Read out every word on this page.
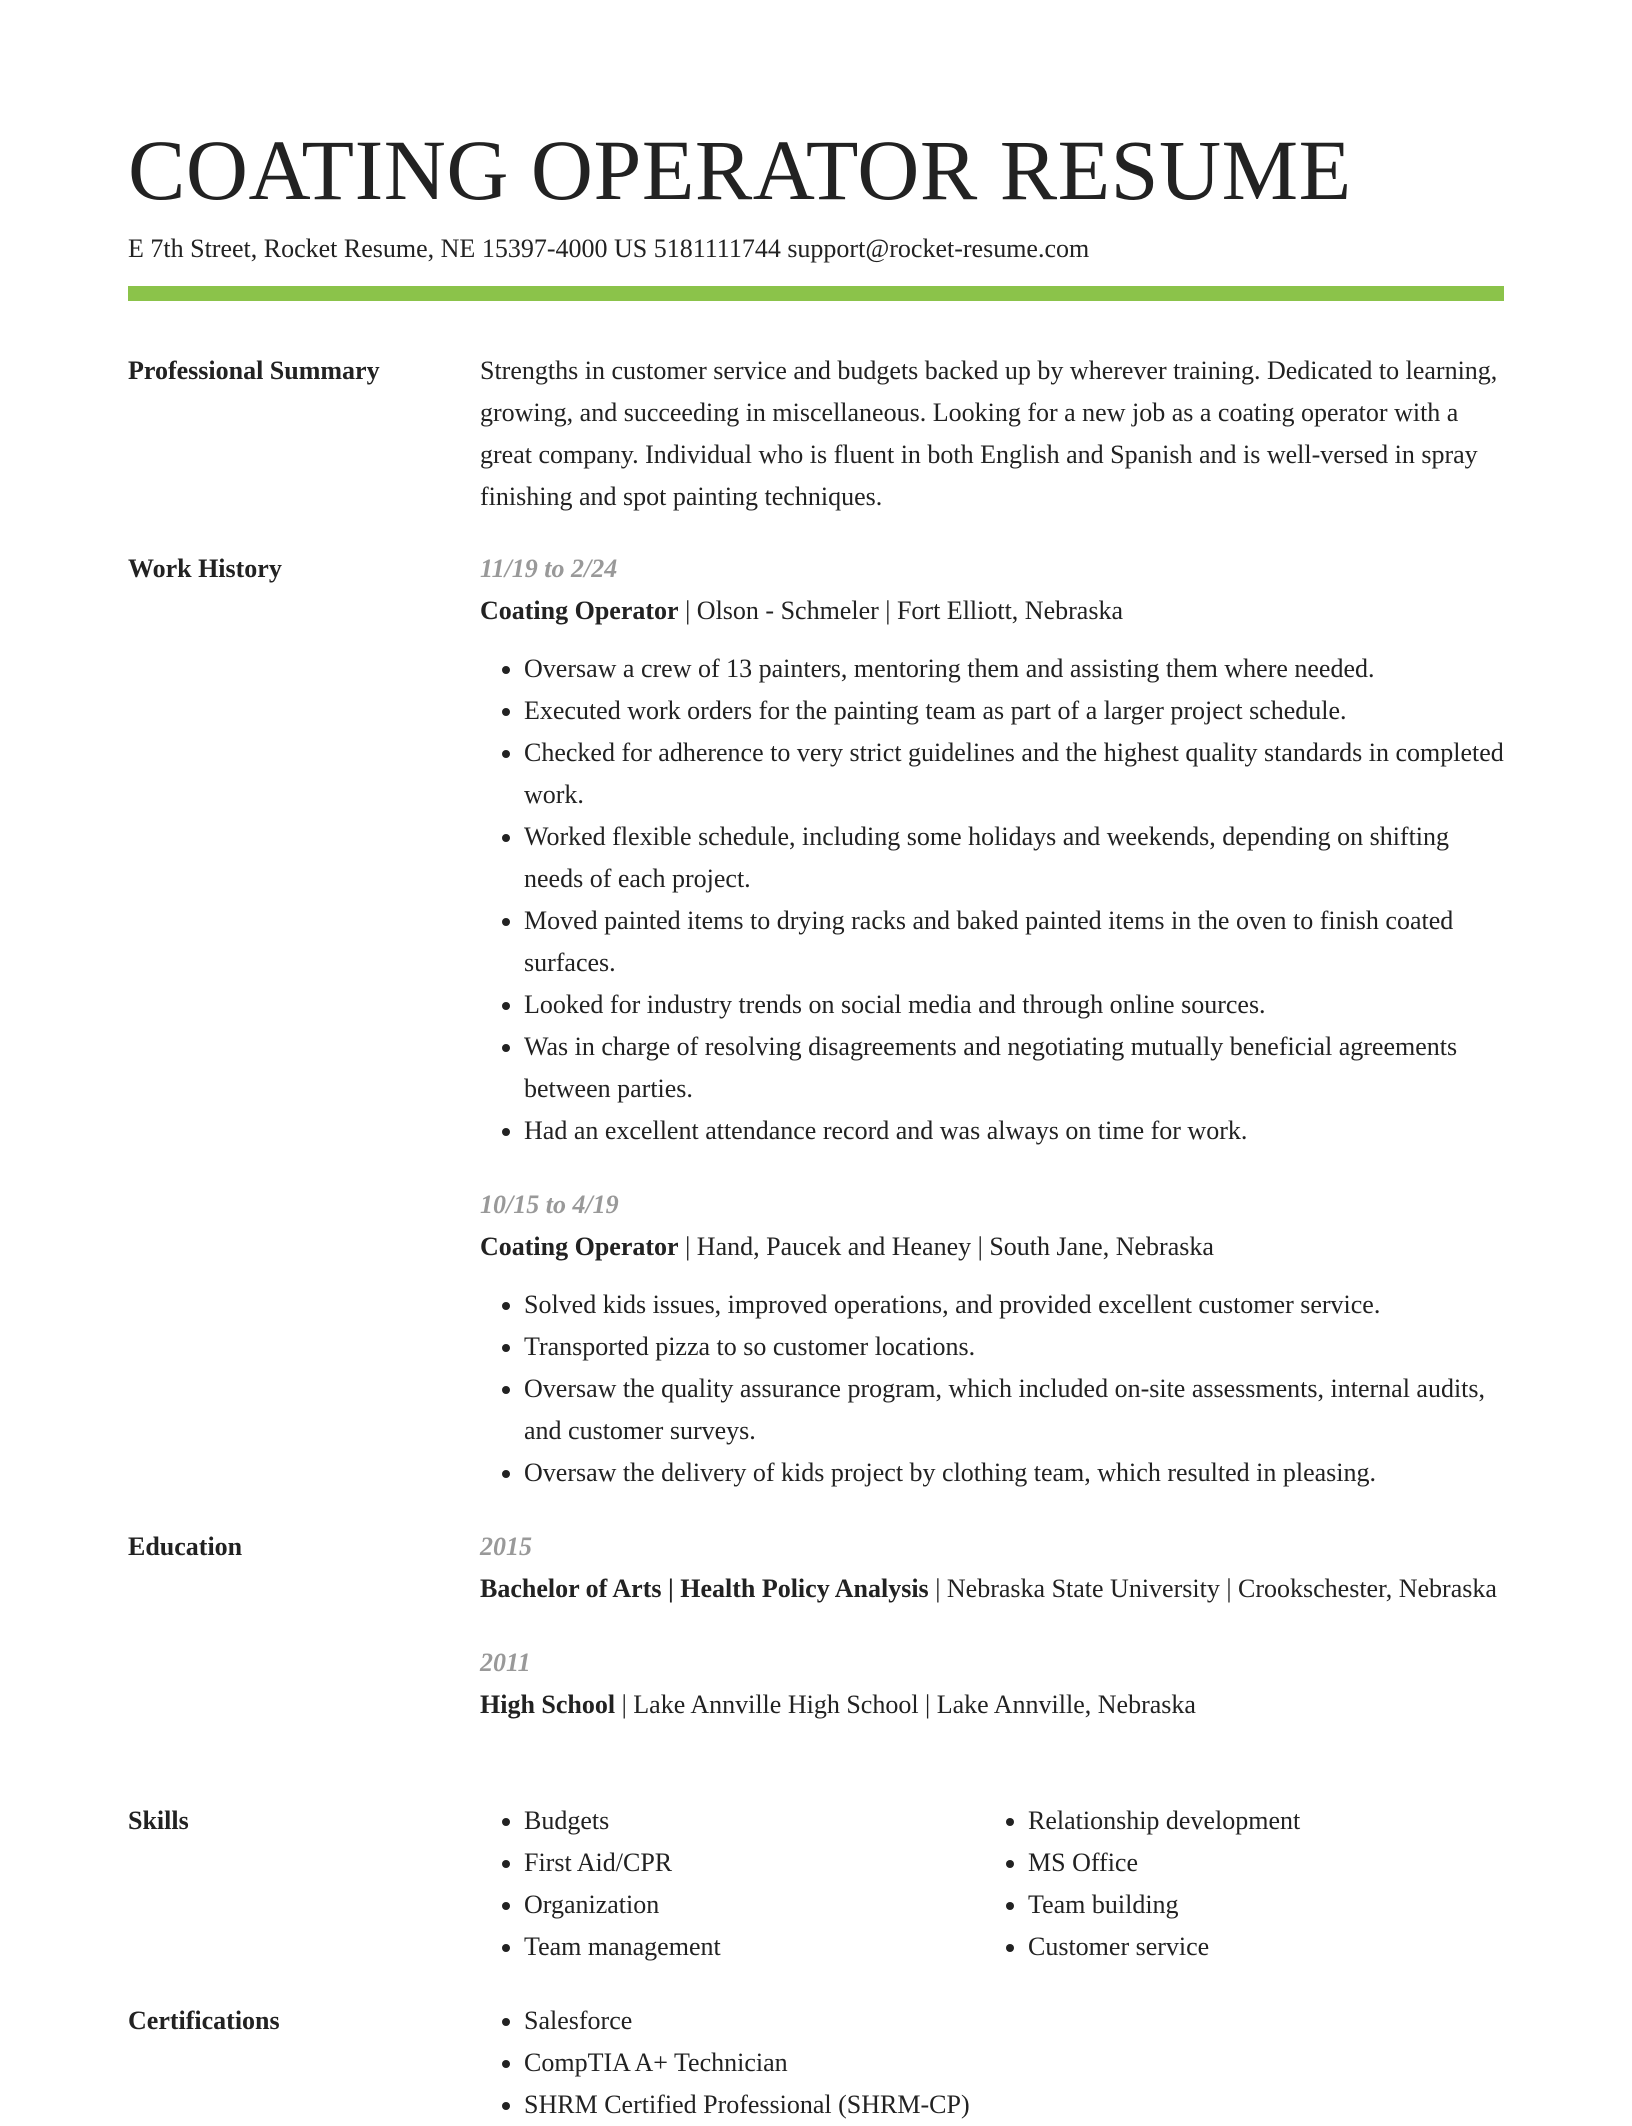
COATING OPERATOR RESUME
E 7th Street, Rocket Resume, NE 15397-4000 US 5181111744 support@rocket-resume.com
Professional Summary	Strengths in customer service and budgets backed up by wherever training. Dedicated to learning, growing, and succeeding in miscellaneous. Looking for a new job as a coating operator with a great company. Individual who is fluent in both English and Spanish and is well-versed in spray finishing and spot painting techniques.

Work History	11/19 to 2/24

Coating Operator | Olson - Schmeler | Fort Elliott, Nebraska

• Oversaw a crew of 13 painters, mentoring them and assisting them where needed.
• Executed work orders for the painting team as part of a larger project schedule.
• Checked for adherence to very strict guidelines and the highest quality standards in completed work.
• Worked flexible schedule, including some holidays and weekends, depending on shifting needs of each project.
• Moved painted items to drying racks and baked painted items in the oven to finish coated surfaces.
• Looked for industry trends on social media and through online sources.
• Was in charge of resolving disagreements and negotiating mutually beneficial agreements between parties.
• Had an excellent attendance record and was always on time for work.

10/15 to 4/19

Coating Operator | Hand, Paucek and Heaney | South Jane, Nebraska

• Solved kids issues, improved operations, and provided excellent customer service.
• Transported pizza to so customer locations.
• Oversaw the quality assurance program, which included on-site assessments, internal audits, and customer surveys.
• Oversaw the delivery of kids project by clothing team, which resulted in pleasing.
Education	2015

Bachelor of Arts | Health Policy Analysis | Nebraska State University | Crookschester, Nebraska

2011

High School | Lake Annville High School | Lake Annville, Nebraska

Skills	• Budgets
• First Aid/CPR
• Organization
• Team management
• Relationship development
• MS Office
• Team building
• Customer service
Certifications	• Salesforce
• CompTIA A+ Technician
• SHRM Certified Professional (SHRM-CP)
